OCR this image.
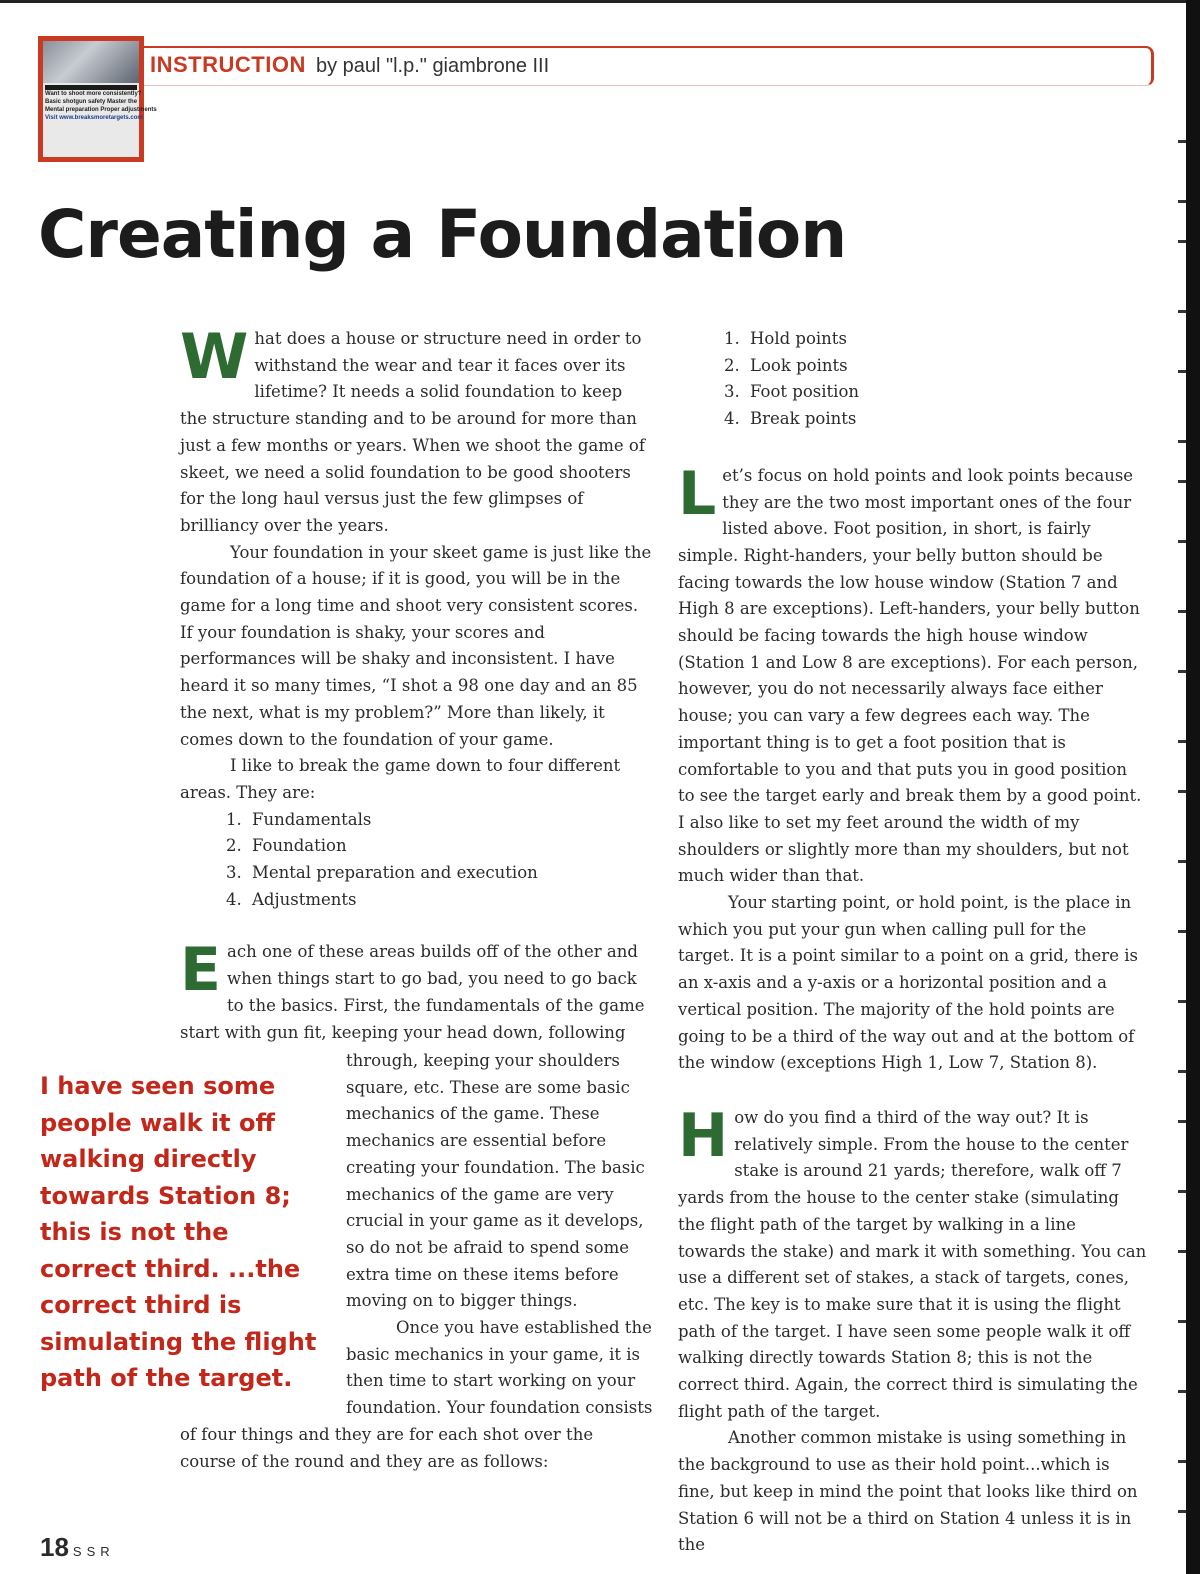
Want to shoot more consistently?
Basic shotgun safety Master the
Mental preparation Proper adjustments
Visit www.breaksmoretargets.com
INSTRUCTION by paul "l.p." giambrone III
Creating a Foundation

What does a house or structure need in order to withstand the wear and tear it faces over its lifetime? It needs a solid foundation to keep the structure standing and to be around for more than just a few months or years. When we shoot the game of skeet, we need a solid foundation to be good shooters for the long haul versus just the few glimpses of brilliancy over the years.

Your foundation in your skeet game is just like the foundation of a house; if it is good, you will be in the game for a long time and shoot very consistent scores. If your foundation is shaky, your scores and performances will be shaky and inconsistent. I have heard it so many times, “I shot a 98 one day and an 85 the next, what is my problem?” More than likely, it comes down to the foundation of your game.

I like to break the game down to four different areas. They are:

1. Fundamentals
2. Foundation
3. Mental preparation and execution
4. Adjustments

Each one of these areas builds off of the other and when things start to go bad, you need to go back to the basics. First, the fundamentals of the game start with gun fit, keeping your head down, following

through, keeping your shoulders square, etc. These are some basic mechanics of the game. These mechanics are essential before creating your foundation. The basic mechanics of the game are very crucial in your game as it develops, so do not be afraid to spend some extra time on these items before moving on to bigger things.

Once you have established the basic mechanics in your game, it is then time to start working on your foundation. Your foundation consists

of four things and they are for each shot over the course of the round and they are as follows:

I have seen some people walk it off walking directly towards Station 8; this is not the correct third. ...the correct third is simulating the flight path of the target.
1. Hold points
2. Look points
3. Foot position
4. Break points

Let’s focus on hold points and look points because they are the two most important ones of the four listed above. Foot position, in short, is fairly simple. Right-handers, your belly button should be facing towards the low house window (Station 7 and High 8 are exceptions). Left-handers, your belly button should be facing towards the high house window (Station 1 and Low 8 are exceptions). For each person, however, you do not necessarily always face either house; you can vary a few degrees each way. The important thing is to get a foot position that is comfortable to you and that puts you in good position to see the target early and break them by a good point. I also like to set my feet around the width of my shoulders or slightly more than my shoulders, but not much wider than that.

Your starting point, or hold point, is the place in which you put your gun when calling pull for the target. It is a point similar to a point on a grid, there is an x-axis and a y-axis or a horizontal position and a vertical position. The majority of the hold points are going to be a third of the way out and at the bottom of the window (exceptions High 1, Low 7, Station 8).

How do you find a third of the way out? It is relatively simple. From the house to the center stake is around 21 yards; therefore, walk off 7 yards from the house to the center stake (simulating the flight path of the target by walking in a line towards the stake) and mark it with something. You can use a different set of stakes, a stack of targets, cones, etc. The key is to make sure that it is using the flight path of the target. I have seen some people walk it off walking directly towards Station 8; this is not the correct third. Again, the correct third is simulating the flight path of the target.

Another common mistake is using something in the background to use as their hold point...which is fine, but keep in mind the point that looks like third on Station 6 will not be a third on Station 4 unless it is in the

18 SSR
